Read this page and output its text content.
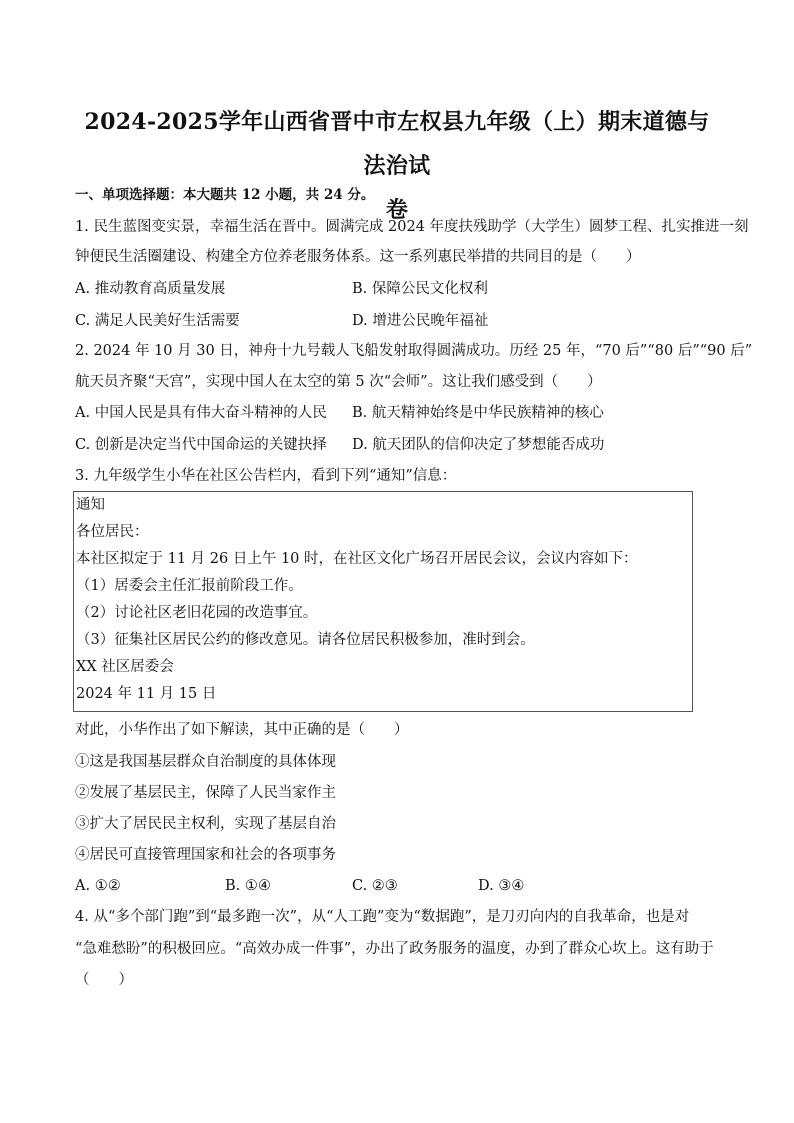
2024-2025学年山西省晋中市左权县九年级（上）期末道德与法治试
卷
一、单项选择题：本大题共 12 小题，共 24 分。
1. 民生蓝图变实景，幸福生活在晋中。圆满完成 2024 年度扶残助学（大学生）圆梦工程、扎实推进一刻
钟便民生活圈建设、构建全方位养老服务体系。这一系列惠民举措的共同目的是（　　）
A. 推动教育高质量发展	B. 保障公民文化权利
C. 满足人民美好生活需要	D. 增进公民晚年福祉
2. 2024 年 10 月 30 日，神舟十九号载人飞船发射取得圆满成功。历经 25 年，“70 后”“80 后”“90 后”
航天员齐聚“天宫”，实现中国人在太空的第 5 次“会师”。这让我们感受到（　　）
A. 中国人民是具有伟大奋斗精神的人民 B. 航天精神始终是中华民族精神的核心
C. 创新是决定当代中国命运的关键抉择 D. 航天团队的信仰决定了梦想能否成功
3. 九年级学生小华在社区公告栏内，看到下列“通知”信息：
通知
各位居民：
本社区拟定于 11 月 26 日上午 10 时，在社区文化广场召开居民会议，会议内容如下：
（1）居委会主任汇报前阶段工作。
（2）讨论社区老旧花园的改造事宜。
（3）征集社区居民公约的修改意见。请各位居民积极参加，准时到会。
XX 社区居委会
2024 年 11 月 15 日
对此，小华作出了如下解读，其中正确的是（　　）
①这是我国基层群众自治制度的具体体现
②发展了基层民主，保障了人民当家作主
③扩大了居民民主权利，实现了基层自治
④居民可直接管理国家和社会的各项事务
A. ①②	B. ①④	C. ②③	D. ③④
4. 从“多个部门跑”到“最多跑一次”，从“人工跑”变为“数据跑”，是刀刃向内的自我革命，也是对
“急难愁盼”的积极回应。“高效办成一件事”，办出了政务服务的温度，办到了群众心坎上。这有助于
（　　）
